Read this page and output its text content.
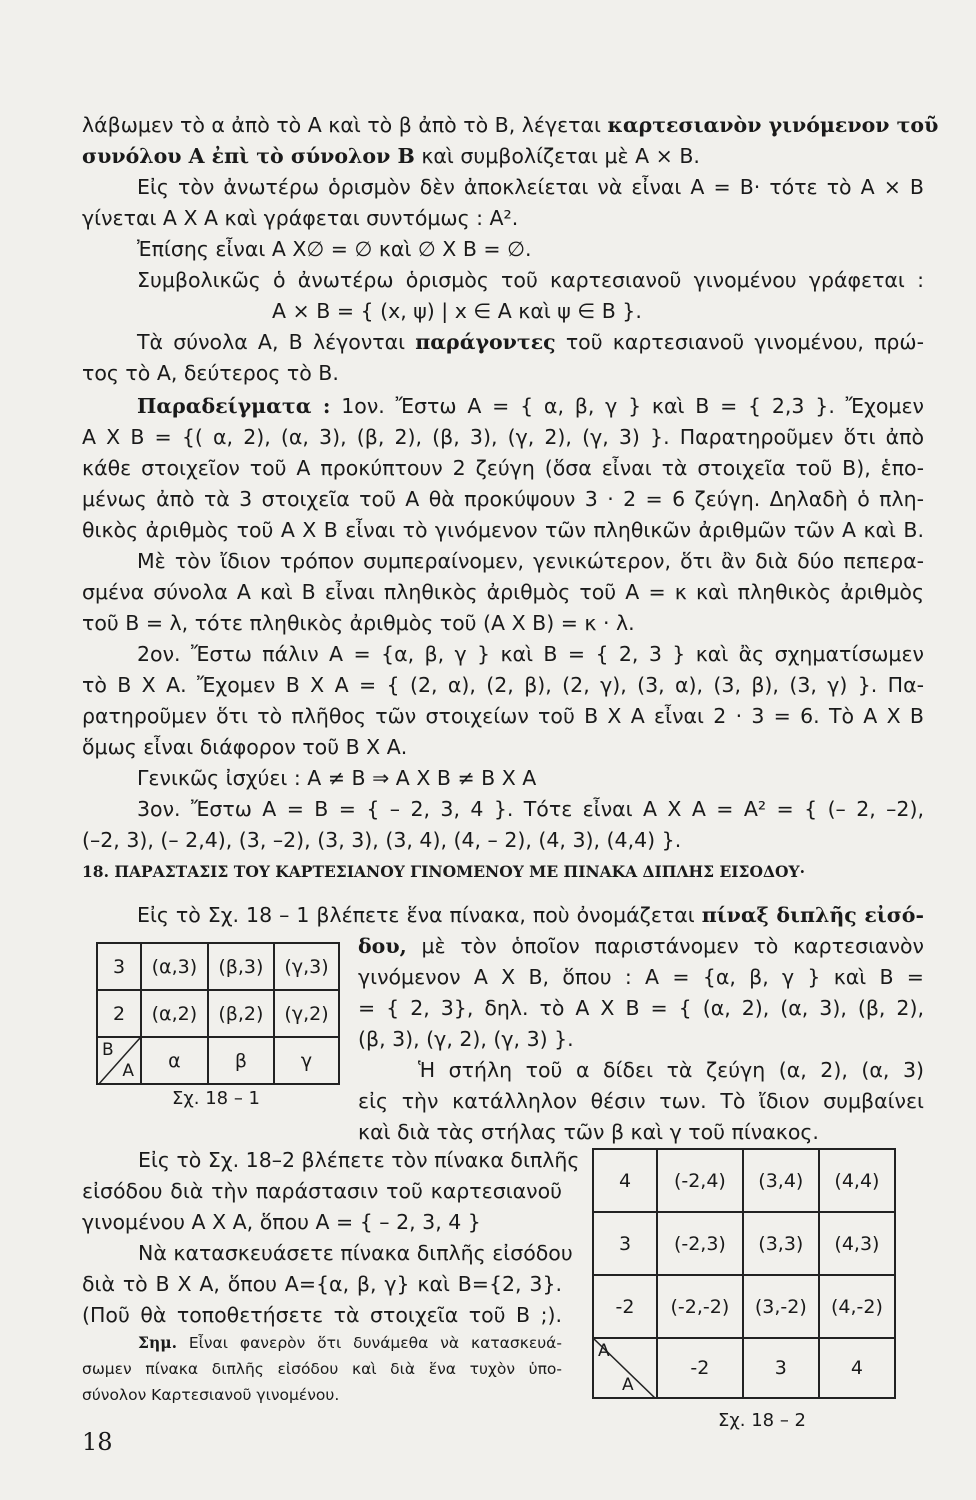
λάβωμεν τὸ α ἀπὸ τὸ Α καὶ τὸ β ἀπὸ τὸ Β, λέγεται καρτεσιανὸν γινόμενον τοῦ
συνόλου Α ἐπὶ τὸ σύνολον Β καὶ συμβολίζεται μὲ Α × Β.
Εἰς τὸν ἀνωτέρω ὁρισμὸν δὲν ἀποκλείεται νὰ εἶναι Α = Β· τότε τὸ Α × Β
γίνεται Α Χ Α καὶ γράφεται συντόμως : Α².
Ἐπίσης εἶναι Α Χ∅ = ∅ καὶ ∅ Χ Β = ∅.
Συμβολικῶς ὁ ἀνωτέρω ὁρισμὸς τοῦ καρτεσιανοῦ γινομένου γράφεται :
Α × Β = { (x, ψ) | x ∈ Α καὶ ψ ∈ Β }.
Τὰ σύνολα Α, Β λέγονται παράγοντες τοῦ καρτεσιανοῦ γινομένου, πρώ-
τος τὸ Α, δεύτερος τὸ Β.
Παραδείγματα : 1ον. Ἔστω Α = { α, β, γ } καὶ Β = { 2,3 }. Ἔχομεν
Α Χ Β = {( α, 2), (α, 3), (β, 2), (β, 3), (γ, 2), (γ, 3) }. Παρατηροῦμεν ὅτι ἀπὸ
κάθε στοιχεῖον τοῦ Α προκύπτουν 2 ζεύγη (ὅσα εἶναι τὰ στοιχεῖα τοῦ Β), ἑπο-
μένως ἀπὸ τὰ 3 στοιχεῖα τοῦ Α θὰ προκύψουν 3 · 2 = 6 ζεύγη. Δηλαδὴ ὁ πλη-
θικὸς ἀριθμὸς τοῦ Α Χ Β εἶναι τὸ γινόμενον τῶν πληθικῶν ἀριθμῶν τῶν Α καὶ Β.
Μὲ τὸν ἴδιον τρόπον συμπεραίνομεν, γενικώτερον, ὅτι ἂν διὰ δύο πεπερα-
σμένα σύνολα Α καὶ Β εἶναι πληθικὸς ἀριθμὸς τοῦ Α = κ καὶ πληθικὸς ἀριθμὸς
τοῦ Β = λ, τότε πληθικὸς ἀριθμὸς τοῦ (Α Χ Β) = κ · λ.
2ον. Ἔστω πάλιν Α = {α, β, γ } καὶ Β = { 2, 3 } καὶ ἂς σχηματίσωμεν
τὸ Β Χ Α. Ἔχομεν Β Χ Α = { (2, α), (2, β), (2, γ), (3, α), (3, β), (3, γ) }. Πα-
ρατηροῦμεν ὅτι τὸ πλῆθος τῶν στοιχείων τοῦ Β Χ Α εἶναι 2 · 3 = 6. Τὸ Α Χ Β
ὅμως εἶναι διάφορον τοῦ Β Χ Α.
Γενικῶς ἰσχύει : Α ≠ Β ⇒ Α Χ Β ≠ Β Χ Α
3ον. Ἔστω Α = Β = { – 2, 3, 4 }. Τότε εἶναι Α Χ Α = Α² = { (– 2, –2),
(–2, 3), (– 2,4), (3, –2), (3, 3), (3, 4), (4, – 2), (4, 3), (4,4) }.
18. ΠΑΡΑΣΤΑΣΙΣ ΤΟΥ ΚΑΡΤΕΣΙΑΝΟΥ ΓΙΝΟΜΕΝΟΥ ΜΕ ΠΙΝΑΚΑ ΔΙΠΛΗΣ ΕΙΣΟΔΟΥ·
Εἰς τὸ Σχ. 18 – 1 βλέπετε ἕνα πίνακα, ποὺ ὀνομάζεται πίναξ διπλῆς εἰσό-
δου, μὲ τὸν ὁποῖον παριστάνομεν τὸ καρτεσιανὸν
γινόμενον Α Χ Β, ὅπου : Α = {α, β, γ } καὶ Β =
= { 2, 3}, δηλ. τὸ Α Χ Β = { (α, 2), (α, 3), (β, 2),
(β, 3), (γ, 2), (γ, 3) }.
Ἡ στήλη τοῦ α δίδει τὰ ζεύγη (α, 2), (α, 3)
εἰς τὴν κατάλληλον θέσιν των. Τὸ ἴδιον συμβαίνει
καὶ διὰ τὰς στήλας τῶν β καὶ γ τοῦ πίνακος.
3	(α,3)	(β,3)	(γ,3)
2	(α,2)	(β,2)	(γ,2)

Β
Α	α	β	γ
Σχ. 18 – 1
Εἰς τὸ Σχ. 18–2 βλέπετε τὸν πίνακα διπλῆς
εἰσόδου διὰ τὴν παράστασιν τοῦ καρτεσιανοῦ
γινομένου Α Χ Α, ὅπου Α = { – 2, 3, 4 }
Νὰ κατασκευάσετε πίνακα διπλῆς εἰσόδου
διὰ τὸ Β Χ Α, ὅπου Α={α, β, γ} καὶ Β={2, 3}.
(Ποῦ θὰ τοποθετήσετε τὰ στοιχεῖα τοῦ Β ;).
Σημ. Εἶναι φανερὸν ὅτι δυνάμεθα νὰ κατασκευά-
σωμεν πίνακα διπλῆς εἰσόδου καὶ διὰ ἕνα τυχὸν ὑπο-
σύνολον Καρτεσιανοῦ γινομένου.
4	(-2,4)	(3,4)	(4,4)
3	(-2,3)	(3,3)	(4,3)
-2	(-2,-2)	(3,-2)	(4,-2)

Α
Α	-2	3	4
Σχ. 18 – 2
18
